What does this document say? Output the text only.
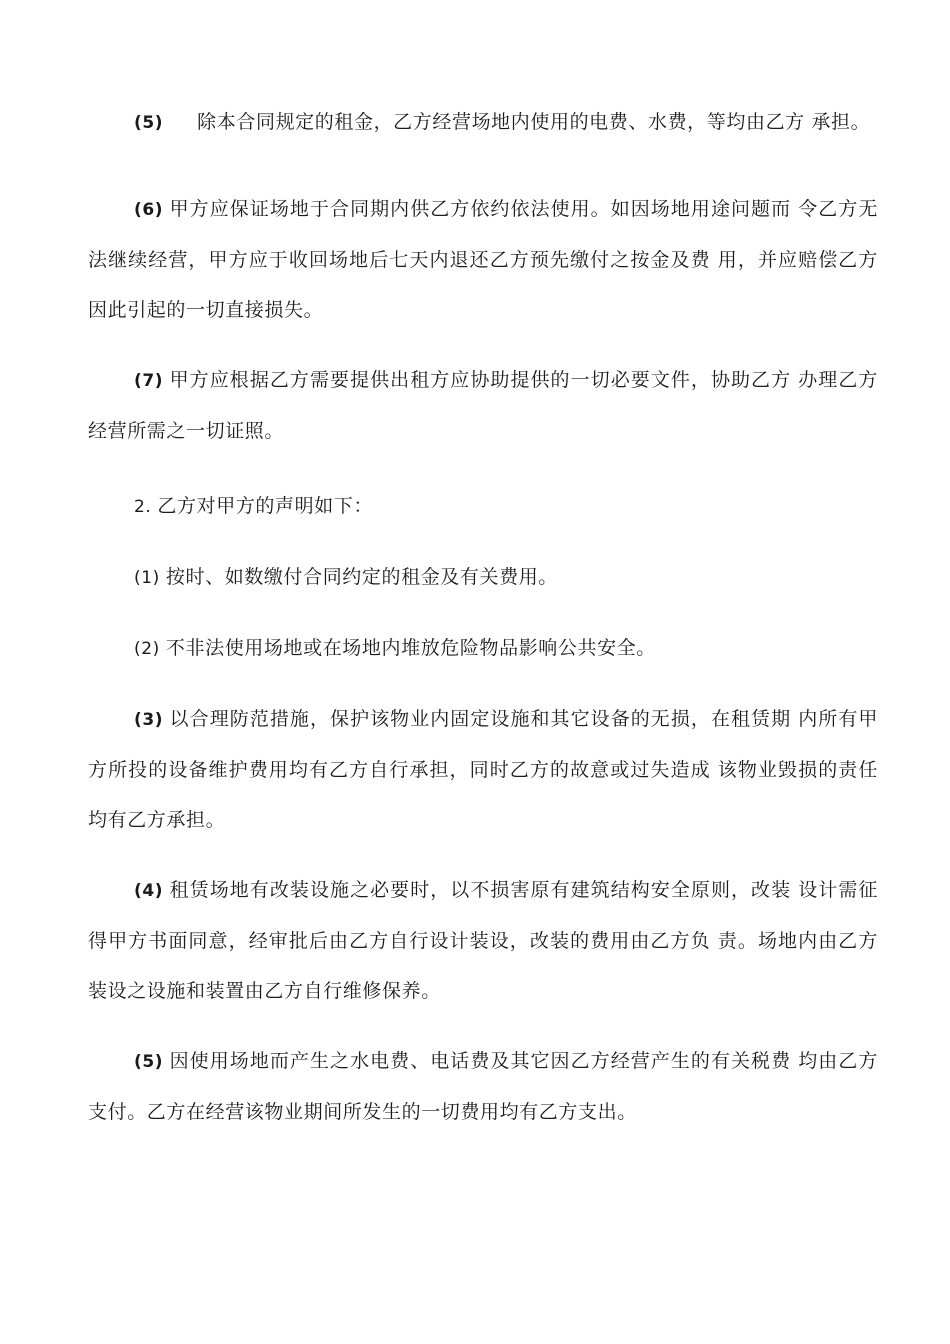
(5) 除本合同规定的租金，乙方经营场地内使用的电费、水费，等均由乙方 承担。

(6) 甲方应保证场地于合同期内供乙方依约依法使用。如因场地用途问题而 令乙方无法继续经营，甲方应于收回场地后七天内退还乙方预先缴付之按金及费 用，并应赔偿乙方因此引起的一切直接损失。

(7) 甲方应根据乙方需要提供出租方应协助提供的一切必要文件，协助乙方 办理乙方经营所需之一切证照。

2. 乙方对甲方的声明如下：

(1) 按时、如数缴付合同约定的租金及有关费用。

(2) 不非法使用场地或在场地内堆放危险物品影响公共安全。

(3) 以合理防范措施，保护该物业内固定设施和其它设备的无损，在租赁期 内所有甲方所投的设备维护费用均有乙方自行承担，同时乙方的故意或过失造成 该物业毁损的责任均有乙方承担。

(4) 租赁场地有改装设施之必要时，以不损害原有建筑结构安全原则，改装 设计需征得甲方书面同意，经审批后由乙方自行设计装设，改装的费用由乙方负 责。场地内由乙方装设之设施和装置由乙方自行维修保养。

(5) 因使用场地而产生之水电费、电话费及其它因乙方经营产生的有关税费 均由乙方支付。乙方在经营该物业期间所发生的一切费用均有乙方支出。
